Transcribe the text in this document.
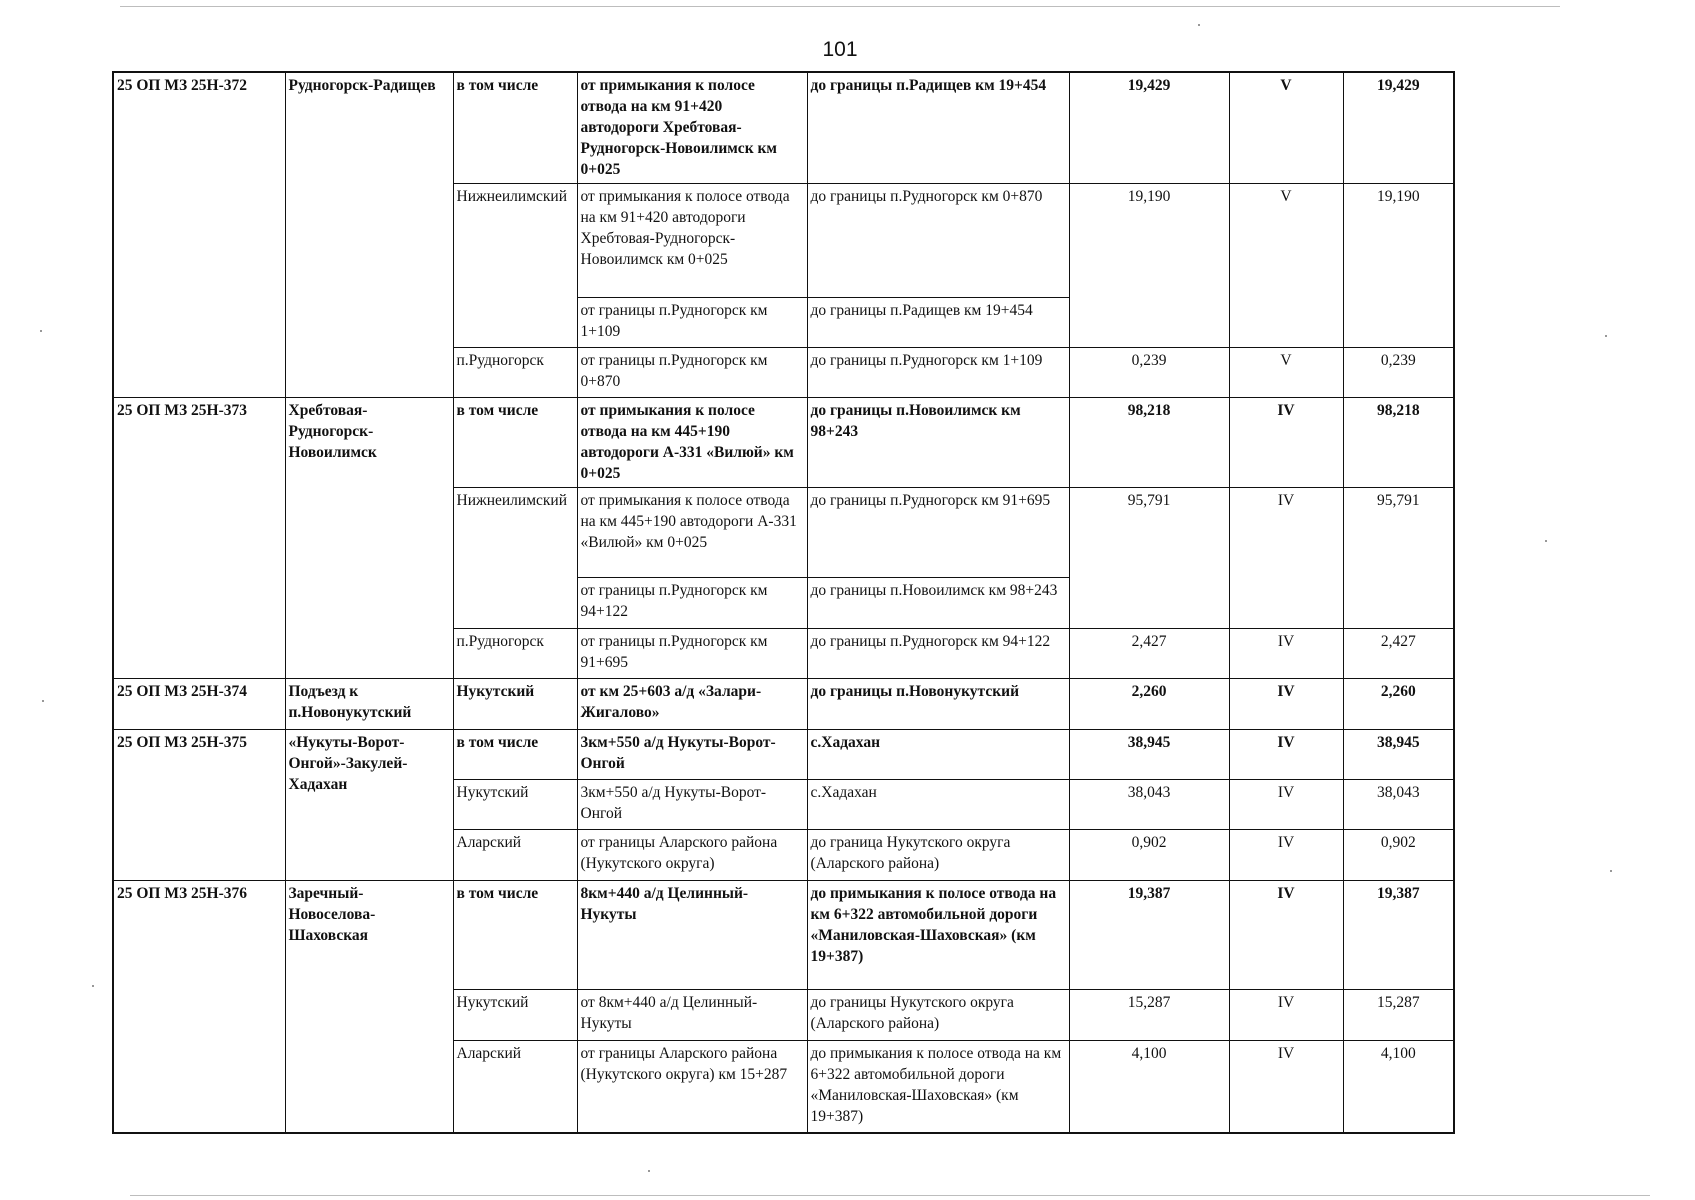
101
25 ОП МЗ 25Н-372	Рудногорск-Радищев	в том числе	от примыкания к полосе отвода на км 91+420 автодороги Хребтовая-Рудногорск-Новоилимск км 0+025	до границы п.Радищев км 19+454	19,429	V	19,429
		Нижнеилимский	от примыкания к полосе отвода на км 91+420 автодороги Хребтовая-Рудногорск-Новоилимск км 0+025	до границы п.Рудногорск км 0+870	19,190	V	19,190
			от границы п.Рудногорск км 1+109	до границы п.Радищев км 19+454			
		п.Рудногорск	от границы п.Рудногорск км 0+870	до границы п.Рудногорск км 1+109	0,239	V	0,239
25 ОП МЗ 25Н-373	Хребтовая-Рудногорск-Новоилимск	в том числе	от примыкания к полосе отвода на км 445+190 автодороги А-331 «Вилюй» км 0+025	до границы п.Новоилимск км 98+243	98,218	IV	98,218
		Нижнеилимский	от примыкания к полосе отвода на км 445+190 автодороги А-331 «Вилюй» км 0+025	до границы п.Рудногорск км 91+695	95,791	IV	95,791
			от границы п.Рудногорск км 94+122	до границы п.Новоилимск км 98+243			
		п.Рудногорск	от границы п.Рудногорск км 91+695	до границы п.Рудногорск км 94+122	2,427	IV	2,427
25 ОП МЗ 25Н-374	Подъезд к п.Новонукутский	Нукутский	от км 25+603 а/д «Залари-Жигалово»	до границы п.Новонукутский	2,260	IV	2,260
25 ОП МЗ 25Н-375	«Нукуты-Ворот-Онгой»-Закулей-Хадахан	в том числе	3км+550 а/д Нукуты-Ворот-Онгой	с.Хадахан	38,945	IV	38,945
		Нукутский	3км+550 а/д Нукуты-Ворот-Онгой	с.Хадахан	38,043	IV	38,043
		Аларский	от границы Аларского района (Нукутского округа)	до граница Нукутского округа (Аларского района)	0,902	IV	0,902
25 ОП МЗ 25Н-376	Заречный-Новоселова-Шаховская	в том числе	8км+440 а/д Целинный-Нукуты	до примыкания к полосе отвода на км 6+322 автомобильной дороги «Маниловская-Шаховская» (км 19+387)	19,387	IV	19,387
		Нукутский	от 8км+440 а/д Целинный-Нукуты	до границы Нукутского округа (Аларского района)	15,287	IV	15,287
		Аларский	от границы Аларского района (Нукутского округа) км 15+287	до примыкания к полосе отвода на км 6+322 автомобильной дороги «Маниловская-Шаховская» (км 19+387)	4,100	IV	4,100
